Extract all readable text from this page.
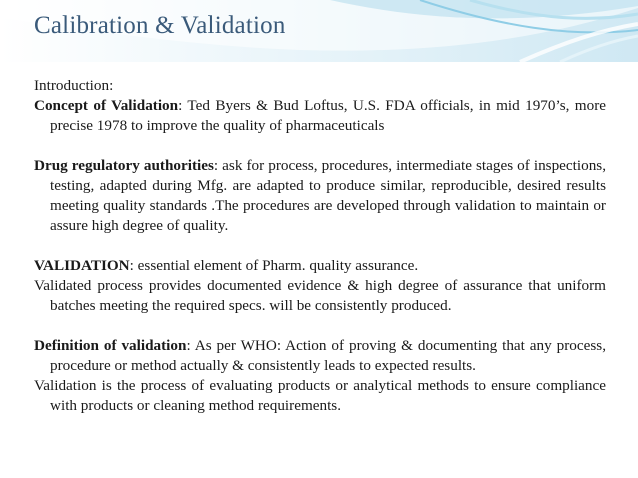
Calibration & Validation

Introduction:

Concept of Validation: Ted Byers & Bud Loftus, U.S. FDA officials, in mid 1970’s, more precise 1978 to improve the quality of pharmaceuticals

Drug regulatory authorities: ask for process, procedures, intermediate stages of inspections, testing, adapted during Mfg. are adapted to produce similar, reproducible, desired results meeting quality standards .The procedures are developed through validation to maintain or assure high degree of quality.

VALIDATION: essential element of Pharm. quality assurance.

Validated process provides documented evidence & high degree of assurance that uniform batches meeting the required specs. will be consistently produced.

Definition of validation: As per WHO: Action of proving & documenting that any process, procedure or method actually & consistently leads to expected results.

Validation is the process of evaluating products or analytical methods to ensure compliance with products or cleaning method requirements.
